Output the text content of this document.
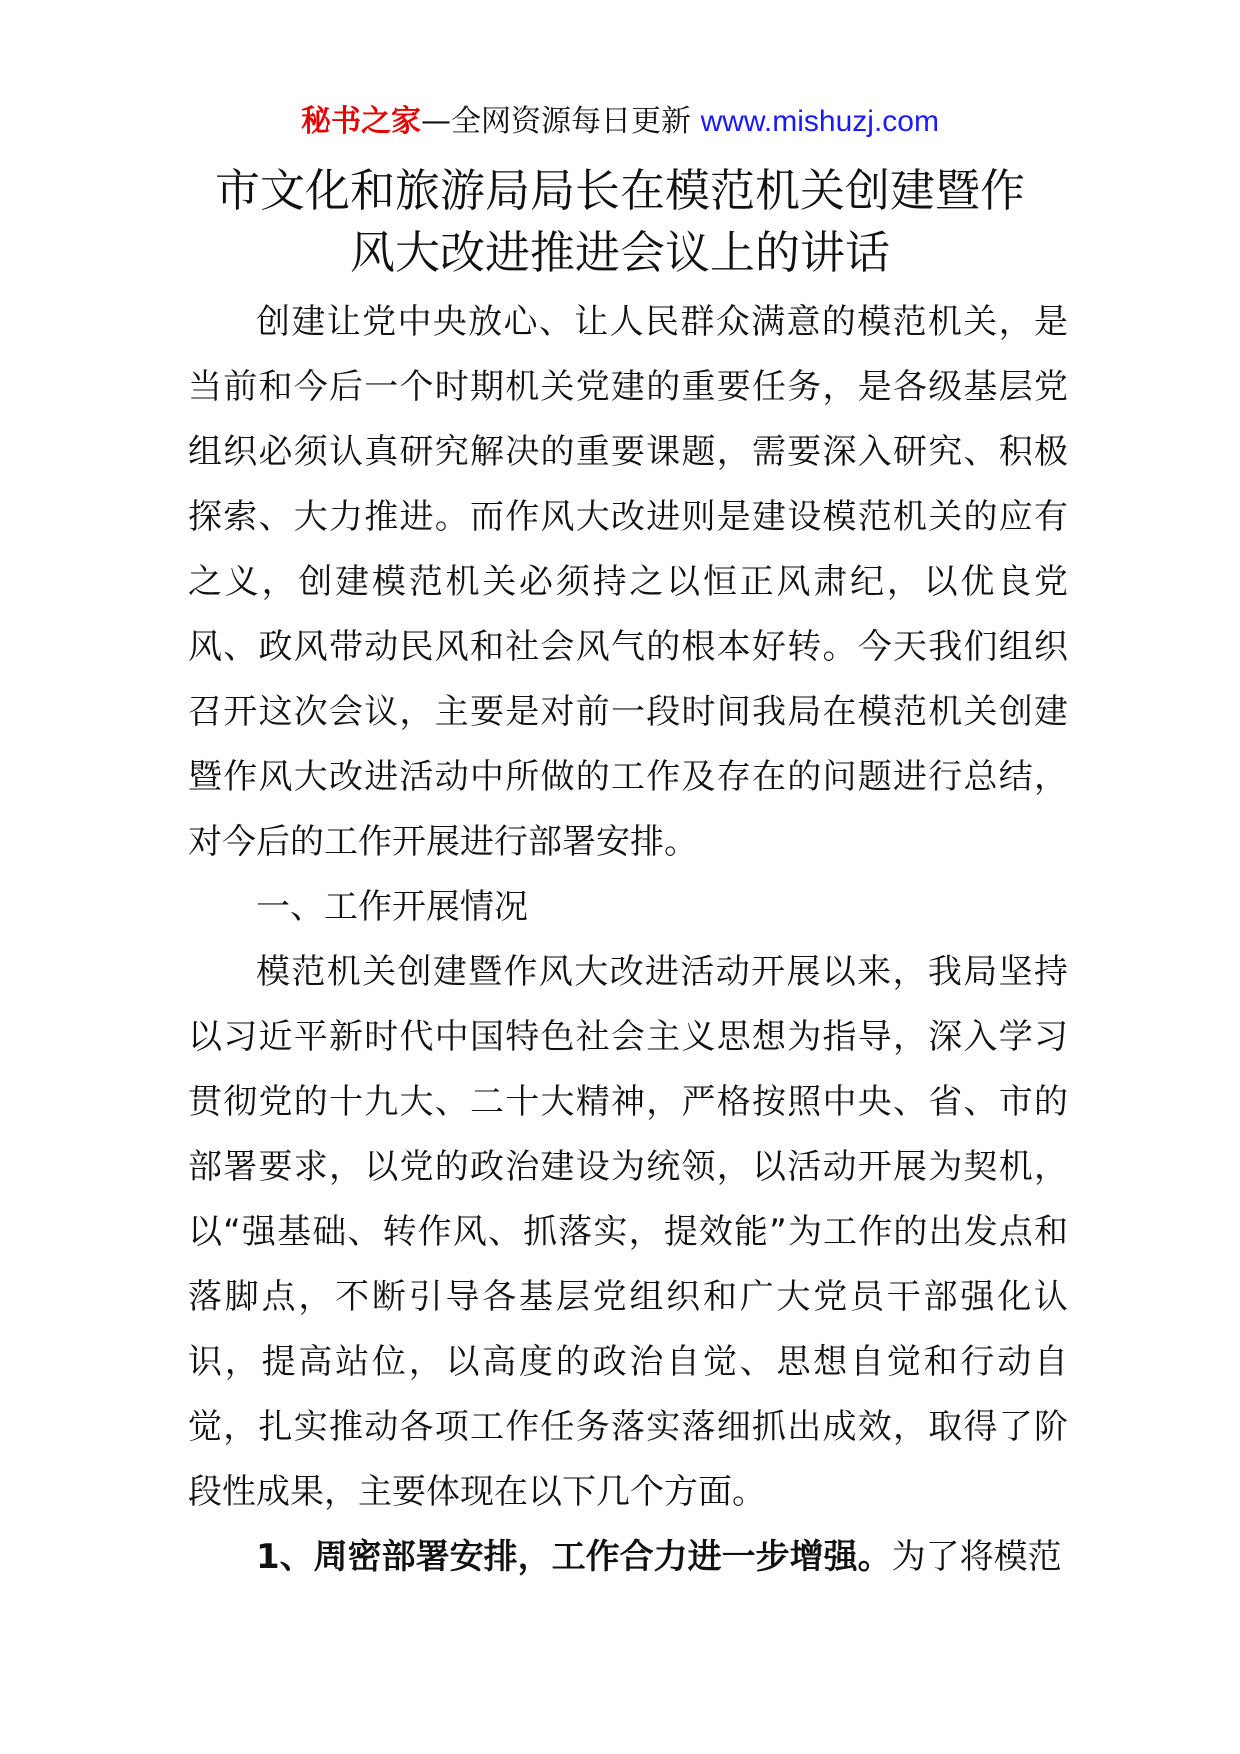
秘书之家—全网资源每日更新 www.mishuzj.com
市文化和旅游局局长在模范机关创建暨作
风大改进推进会议上的讲话

创建让党中央放心、让人民群众满意的模范机关，是当前和今后一个时期机关党建的重要任务，是各级基层党组织必须认真研究解决的重要课题，需要深入研究、积极探索、大力推进。而作风大改进则是建设模范机关的应有之义，创建模范机关必须持之以恒正风肃纪，以优良党风、政风带动民风和社会风气的根本好转。今天我们组织召开这次会议，主要是对前一段时间我局在模范机关创建暨作风大改进活动中所做的工作及存在的问题进行总结，对今后的工作开展进行部署安排。

一、工作开展情况

模范机关创建暨作风大改进活动开展以来，我局坚持以习近平新时代中国特色社会主义思想为指导，深入学习贯彻党的十九大、二十大精神，严格按照中央、省、市的部署要求，以党的政治建设为统领，以活动开展为契机，以“强基础、转作风、抓落实，提效能”为工作的出发点和落脚点，不断引导各基层党组织和广大党员干部强化认识，提高站位，以高度的政治自觉、思想自觉和行动自觉，扎实推动各项工作任务落实落细抓出成效，取得了阶段性成果，主要体现在以下几个方面。

1、周密部署安排，工作合力进一步增强。为了将模范
